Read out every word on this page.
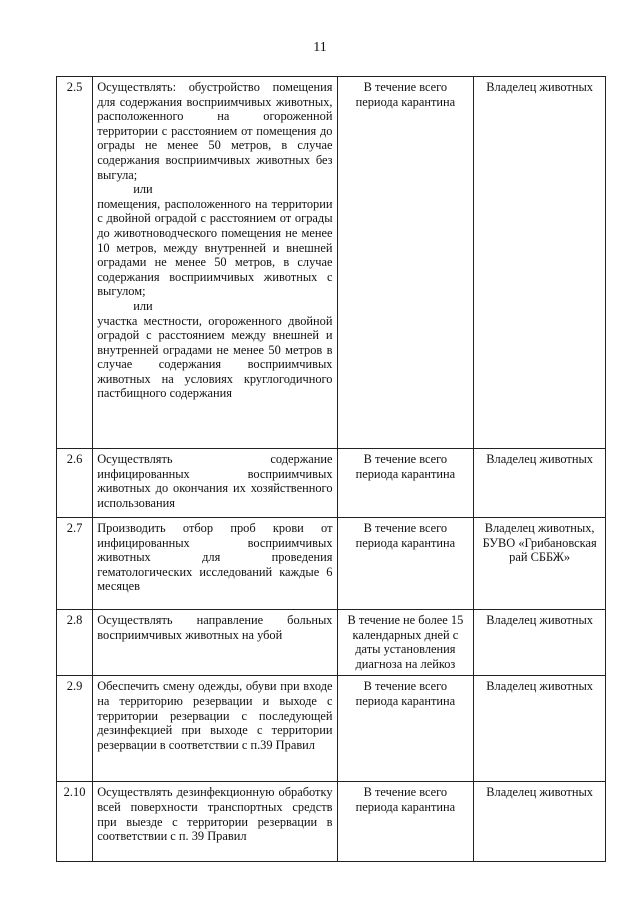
11
2.5	Осуществлять: обустройство помещения для содержания восприимчивых животных, расположенного на огороженной территории с расстоянием от помещения до ограды не менее 50 метров, в случае содержания восприимчивых животных без выгула;
или
помещения, расположенного на территории с двойной оградой с расстоянием от ограды до животноводческого помещения не менее 10 метров, между внутренней и внешней оградами не менее 50 метров, в случае содержания восприимчивых животных с выгулом;
или
участка местности, огороженного двойной оградой с расстоянием между внешней и внутренней оградами не менее 50 метров в случае содержания восприимчивых животных на условиях круглогодичного пастбищного содержания	В течение всего периода карантина	Владелец животных
2.6	Осуществлять содержание инфицированных восприимчивых животных до окончания их хозяйственного использования	В течение всего периода карантина	Владелец животных
2.7	Производить отбор проб крови от инфицированных восприимчивых животных для проведения гематологических исследований каждые 6 месяцев	В течение всего периода карантина	Владелец животных, БУВО «Грибановская рай СББЖ»
2.8	Осуществлять направление больных восприимчивых животных на убой	В течение не более 15 календарных дней с даты установления диагноза на лейкоз	Владелец животных
2.9	Обеспечить смену одежды, обуви при входе на территорию резервации и выходе с территории резервации с последующей дезинфекцией при выходе с территории резервации в соответствии с п.39 Правил	В течение всего периода карантина	Владелец животных
2.10	Осуществлять дезинфекционную обработку всей поверхности транспортных средств при выезде с территории резервации в соответствии с п. 39 Правил	В течение всего периода карантина	Владелец животных
